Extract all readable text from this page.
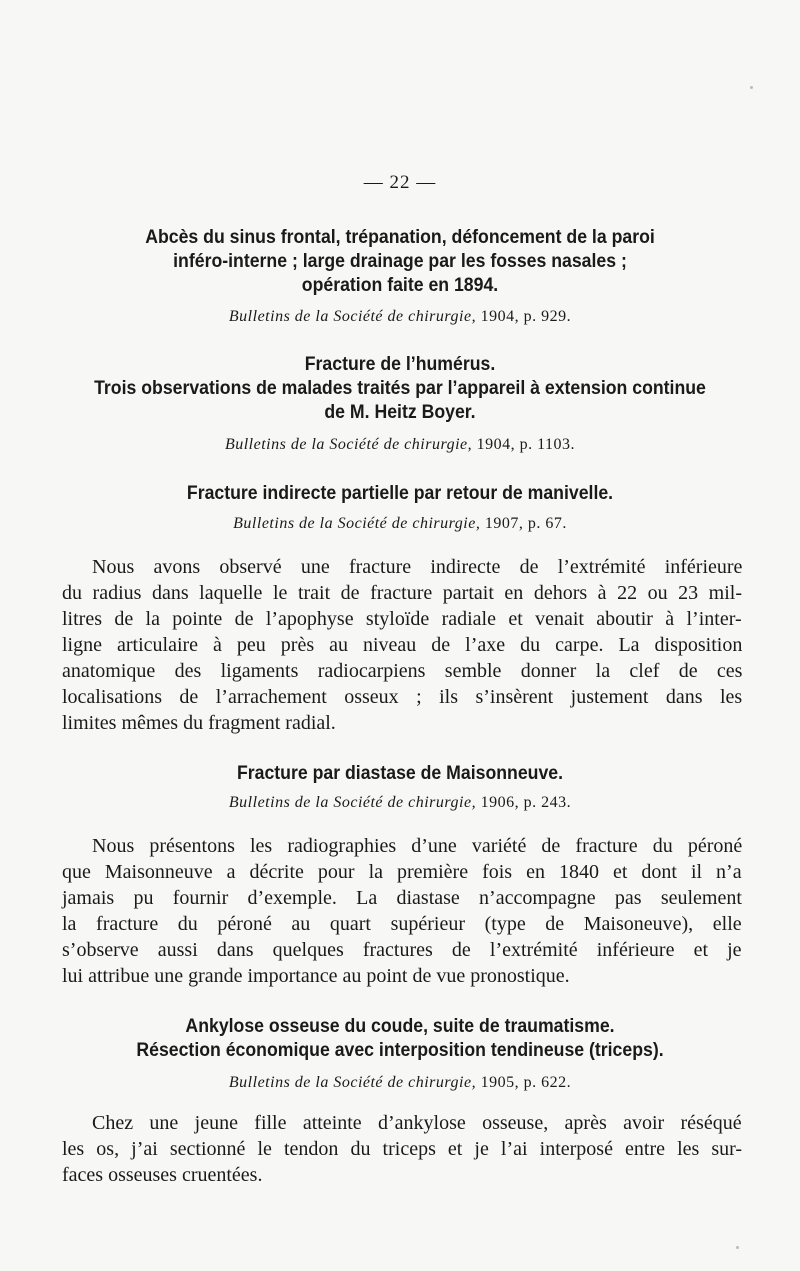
— 22 —
Abcès du sinus frontal, trépanation, défoncement de la paroi
inféro-interne ; large drainage par les fosses nasales ;
opération faite en 1894.
Bulletins de la Société de chirurgie, 1904, p. 929.
Fracture de l’humérus.
Trois observations de malades traités par l’appareil à extension continue
de M. Heitz Boyer.
Bulletins de la Société de chirurgie, 1904, p. 1103.
Fracture indirecte partielle par retour de manivelle.
Bulletins de la Société de chirurgie, 1907, p. 67.
Nous avons observé une fracture indirecte de l’extrémité inférieure
du radius dans laquelle le trait de fracture partait en dehors à 22 ou 23 mil-
litres de la pointe de l’apophyse styloïde radiale et venait aboutir à l’inter-
ligne articulaire à peu près au niveau de l’axe du carpe. La disposition
anatomique des ligaments radiocarpiens semble donner la clef de ces
localisations de l’arrachement osseux ; ils s’insèrent justement dans les
limites mêmes du fragment radial.
Fracture par diastase de Maisonneuve.
Bulletins de la Société de chirurgie, 1906, p. 243.
Nous présentons les radiographies d’une variété de fracture du péroné
que Maisonneuve a décrite pour la première fois en 1840 et dont il n’a
jamais pu fournir d’exemple. La diastase n’accompagne pas seulement
la fracture du péroné au quart supérieur (type de Maisoneuve), elle
s’observe aussi dans quelques fractures de l’extrémité inférieure et je
lui attribue une grande importance au point de vue pronostique.
Ankylose osseuse du coude, suite de traumatisme.
Résection économique avec interposition tendineuse (triceps).
Bulletins de la Société de chirurgie, 1905, p. 622.
Chez une jeune fille atteinte d’ankylose osseuse, après avoir réséqué
les os, j’ai sectionné le tendon du triceps et je l’ai interposé entre les sur-
faces osseuses cruentées.
